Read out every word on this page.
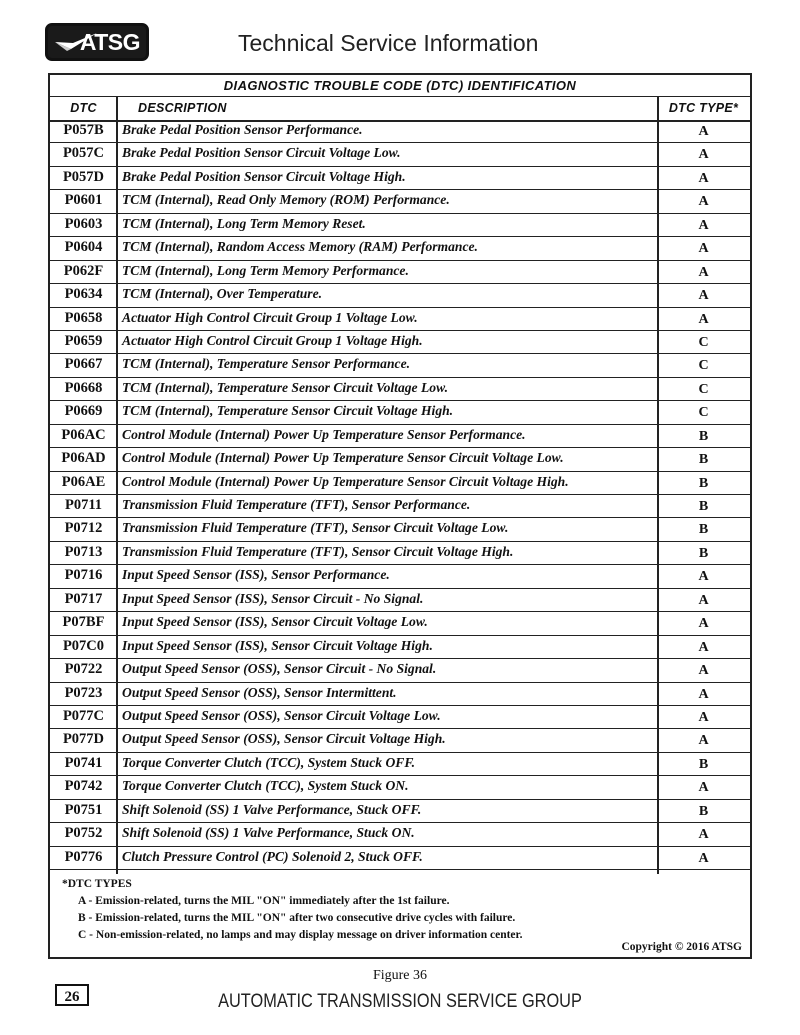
ATSG	Technical Service Information
DIAGNOSTIC TROUBLE CODE (DTC) IDENTIFICATION
DTC	DESCRIPTION	DTC TYPE*
P057B	Brake Pedal Position Sensor Performance.	A
P057C	Brake Pedal Position Sensor Circuit Voltage Low.	A
P057D	Brake Pedal Position Sensor Circuit Voltage High.	A
P0601	TCM (Internal), Read Only Memory (ROM) Performance.	A
P0603	TCM (Internal), Long Term Memory Reset.	A
P0604	TCM (Internal), Random Access Memory (RAM) Performance.	A
P062F	TCM (Internal), Long Term Memory Performance.	A
P0634	TCM (Internal), Over Temperature.	A
P0658	Actuator High Control Circuit Group 1 Voltage Low.	A
P0659	Actuator High Control Circuit Group 1 Voltage High.	C
P0667	TCM (Internal), Temperature Sensor Performance.	C
P0668	TCM (Internal), Temperature Sensor Circuit Voltage Low.	C
P0669	TCM (Internal), Temperature Sensor Circuit Voltage High.	C
P06AC	Control Module (Internal) Power Up Temperature Sensor Performance.	B
P06AD	Control Module (Internal) Power Up Temperature Sensor Circuit Voltage Low.	B
P06AE	Control Module (Internal) Power Up Temperature Sensor Circuit Voltage High.	B
P0711	Transmission Fluid Temperature (TFT), Sensor Performance.	B
P0712	Transmission Fluid Temperature (TFT), Sensor Circuit Voltage Low.	B
P0713	Transmission Fluid Temperature (TFT), Sensor Circuit Voltage High.	B
P0716	Input Speed Sensor (ISS), Sensor Performance.	A
P0717	Input Speed Sensor (ISS), Sensor Circuit - No Signal.	A
P07BF	Input Speed Sensor (ISS), Sensor Circuit Voltage Low.	A
P07C0	Input Speed Sensor (ISS), Sensor Circuit Voltage High.	A
P0722	Output Speed Sensor (OSS), Sensor Circuit - No Signal.	A
P0723	Output Speed Sensor (OSS), Sensor Intermittent.	A
P077C	Output Speed Sensor (OSS), Sensor Circuit Voltage Low.	A
P077D	Output Speed Sensor (OSS), Sensor Circuit Voltage High.	A
P0741	Torque Converter Clutch (TCC), System Stuck OFF.	B
P0742	Torque Converter Clutch (TCC), System Stuck ON.	A
P0751	Shift Solenoid (SS) 1 Valve Performance, Stuck OFF.	B
P0752	Shift Solenoid (SS) 1 Valve Performance, Stuck ON.	A
P0776	Clutch Pressure Control (PC) Solenoid 2, Stuck OFF.	A
*DTC TYPES
A - Emission-related, turns the MIL "ON" immediately after the 1st failure.
B - Emission-related, turns the MIL "ON" after two consecutive drive cycles with failure.
C - Non-emission-related, no lamps and may display message on driver information center.
Copyright © 2016 ATSG
Figure 36
26	AUTOMATIC TRANSMISSION SERVICE GROUP
